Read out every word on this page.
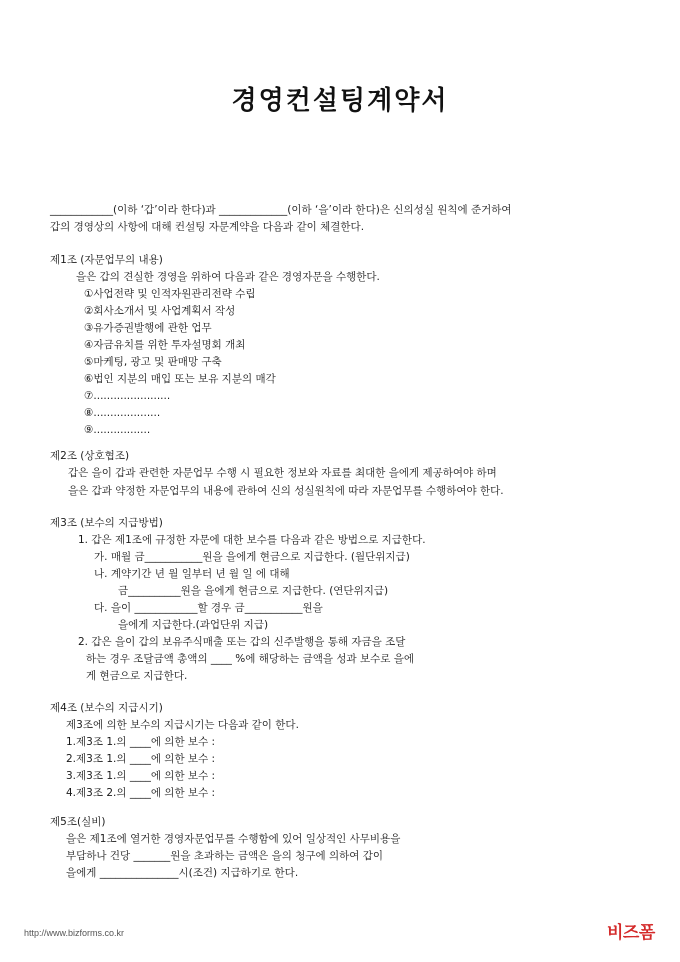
경영컨설팅계약서
____________(이하 ‘갑’이라 한다)과 _____________(이하 ‘을’이라 한다)은 신의성실 원칙에 준거하여
갑의 경영상의 사항에 대해 컨설팅 자문계약을 다음과 같이 체결한다.
제1조 (자문업무의 내용)
을은 갑의 견실한 경영을 위하여 다음과 같은 경영자문을 수행한다.
①사업전략 및 인적자원관리전략 수립
②회사소개서 및 사업계획서 작성
③유가증권발행에 관한 업무
④자금유치를 위한 투자설명회 개최
⑤마케팅, 광고 및 판매망 구축
⑥법인 지분의 매입 또는 보유 지분의 매각
⑦.......................
⑧....................
⑨.................
제2조 (상호협조)
갑은 을이 갑과 관련한 자문업무 수행 시 필요한 정보와 자료를 최대한 을에게 제공하여야 하며
을은 갑과 약정한 자문업무의 내용에 관하여 신의 성실원칙에 따라 자문업무를 수행하여야 한다.
제3조 (보수의 지급방법)
1. 갑은 제1조에 규정한 자문에 대한 보수를 다음과 같은 방법으로 지급한다.
가. 매월 금___________원을 을에게 현금으로 지급한다. (월단위지급)
나. 계약기간 년 월 일부터 년 월 일 에 대해
금__________원을 을에게 현금으로 지급한다. (연단위지급)
다. 을이 ____________할 경우 금___________원을
을에게 지급한다.(과업단위 지급)
2. 갑은 을이 갑의 보유주식매출 또는 갑의 신주발행을 통해 자금을 조달
하는 경우 조달금액 총액의 ____ %에 해당하는 금액을 성과 보수로 을에
게 현금으로 지급한다.
제4조 (보수의 지급시기)
제3조에 의한 보수의 지급시기는 다음과 같이 한다.
1.제3조 1.의 ____에 의한 보수 :
2.제3조 1.의 ____에 의한 보수 :
3.제3조 1.의 ____에 의한 보수 :
4.제3조 2.의 ____에 의한 보수 :
제5조(실비)
을은 제1조에 열거한 경영자문업무를 수행함에 있어 일상적인 사무비용을
부담하나 건당 _______원을 초과하는 금액은 을의 청구에 의하여 갑이
을에게 _______________시(조건) 지급하기로 한다.
http://www.bizforms.co.kr	비즈폼
